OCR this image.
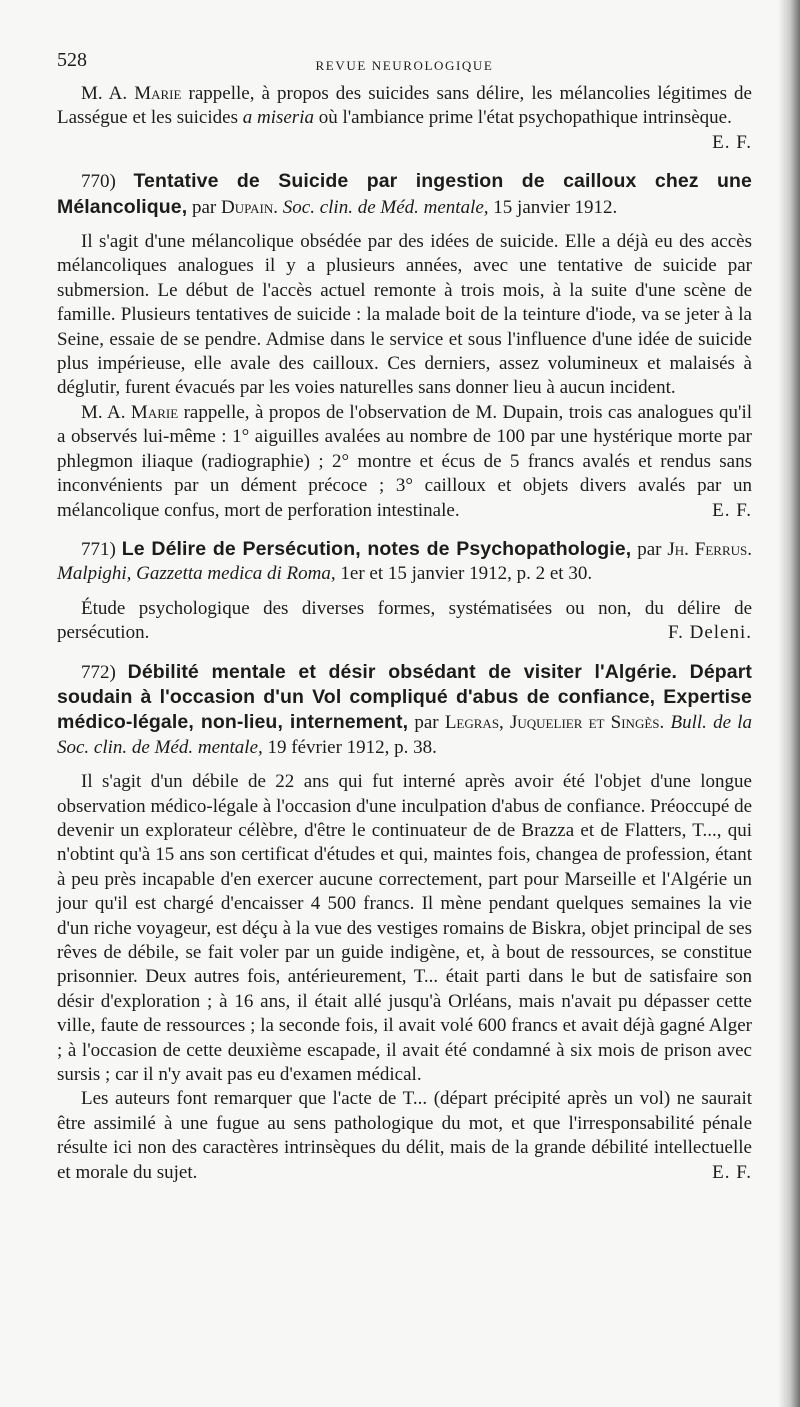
528	REVUE NEUROLOGIQUE

M. A. Marie rappelle, à propos des suicides sans délire, les mélancolies légitimes de Lasségue et les suicides a miseria où l'ambiance prime l'état psychopathique intrinsèque.
E. F.

770) Tentative de Suicide par ingestion de cailloux chez une Mélancolique, par Dupain. Soc. clin. de Méd. mentale, 15 janvier 1912.

Il s'agit d'une mélancolique obsédée par des idées de suicide. Elle a déjà eu des accès mélancoliques analogues il y a plusieurs années, avec une tentative de suicide par submersion. Le début de l'accès actuel remonte à trois mois, à la suite d'une scène de famille. Plusieurs tentatives de suicide : la malade boit de la teinture d'iode, va se jeter à la Seine, essaie de se pendre. Admise dans le service et sous l'influence d'une idée de suicide plus impérieuse, elle avale des cailloux. Ces derniers, assez volumineux et malaisés à déglutir, furent évacués par les voies naturelles sans donner lieu à aucun incident.

M. A. Marie rappelle, à propos de l'observation de M. Dupain, trois cas analogues qu'il a observés lui-même : 1° aiguilles avalées au nombre de 100 par une hystérique morte par phlegmon iliaque (radiographie) ; 2° montre et écus de 5 francs avalés et rendus sans inconvénients par un dément précoce ; 3° cailloux et objets divers avalés par un mélancolique confus, mort de perforation intestinale.	E. F.

771) Le Délire de Persécution, notes de Psychopathologie, par Jh. Ferrus. Malpighi, Gazzetta medica di Roma, 1er et 15 janvier 1912, p. 2 et 30.

Étude psychologique des diverses formes, systématisées ou non, du délire de persécution.	F. Deleni.

772) Débilité mentale et désir obsédant de visiter l'Algérie. Départ soudain à l'occasion d'un Vol compliqué d'abus de confiance, Expertise médico-légale, non-lieu, internement, par Legras, Juquelier et Singès. Bull. de la Soc. clin. de Méd. mentale, 19 février 1912, p. 38.

Il s'agit d'un débile de 22 ans qui fut interné après avoir été l'objet d'une longue observation médico-légale à l'occasion d'une inculpation d'abus de confiance. Préoccupé de devenir un explorateur célèbre, d'être le continuateur de de Brazza et de Flatters, T..., qui n'obtint qu'à 15 ans son certificat d'études et qui, maintes fois, changea de profession, étant à peu près incapable d'en exercer aucune correctement, part pour Marseille et l'Algérie un jour qu'il est chargé d'encaisser 4 500 francs. Il mène pendant quelques semaines la vie d'un riche voyageur, est déçu à la vue des vestiges romains de Biskra, objet principal de ses rêves de débile, se fait voler par un guide indigène, et, à bout de ressources, se constitue prisonnier. Deux autres fois, antérieurement, T... était parti dans le but de satisfaire son désir d'exploration ; à 16 ans, il était allé jusqu'à Orléans, mais n'avait pu dépasser cette ville, faute de ressources ; la seconde fois, il avait volé 600 francs et avait déjà gagné Alger ; à l'occasion de cette deuxième escapade, il avait été condamné à six mois de prison avec sursis ; car il n'y avait pas eu d'examen médical.

Les auteurs font remarquer que l'acte de T... (départ précipité après un vol) ne saurait être assimilé à une fugue au sens pathologique du mot, et que l'irresponsabilité pénale résulte ici non des caractères intrinsèques du délit, mais de la grande débilité intellectuelle et morale du sujet.	E. F.
